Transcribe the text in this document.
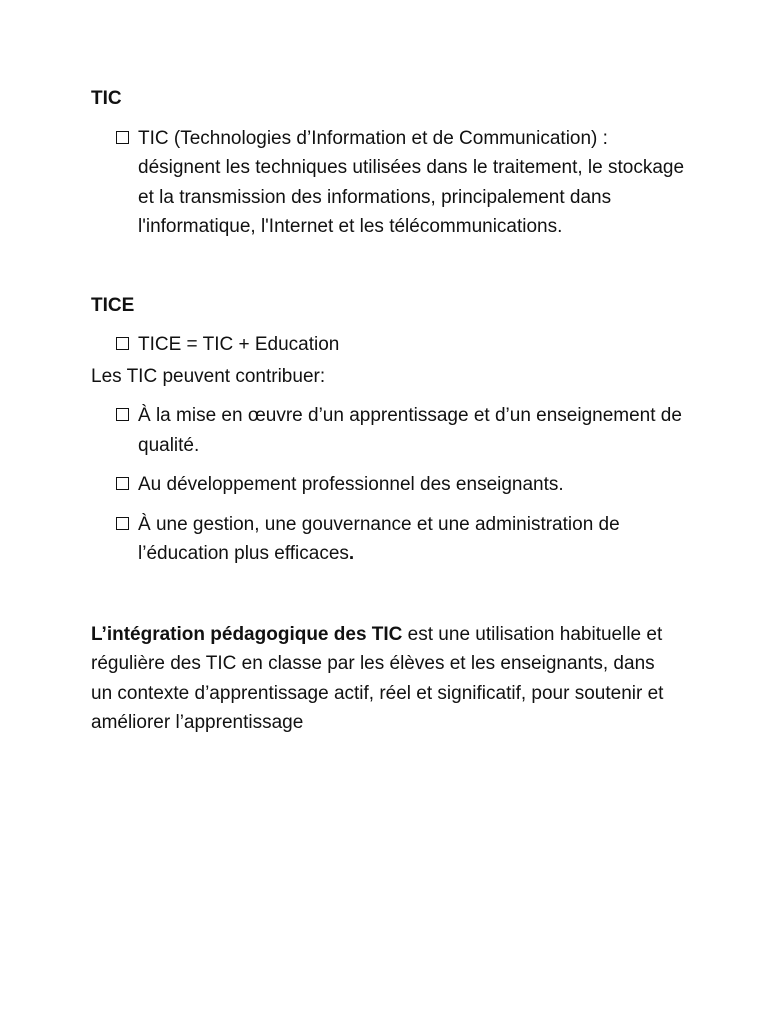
TIC

TIC (Technologies d’Information et de Communication) : désignent les techniques utilisées dans le traitement, le stockage et la transmission des informations, principalement dans l'informatique, l'Internet et les télécommunications.

TICE

TICE = TIC + Education

Les TIC peuvent contribuer:

À la mise en œuvre d’un apprentissage et d’un enseignement de qualité.

Au développement professionnel des enseignants.

À une gestion, une gouvernance et une administration de l’éducation plus efficaces.

L’intégration pédagogique des TIC est une utilisation habituelle et régulière des TIC en classe par les élèves et les enseignants, dans un contexte d’apprentissage actif, réel et significatif, pour soutenir et améliorer l’apprentissage
